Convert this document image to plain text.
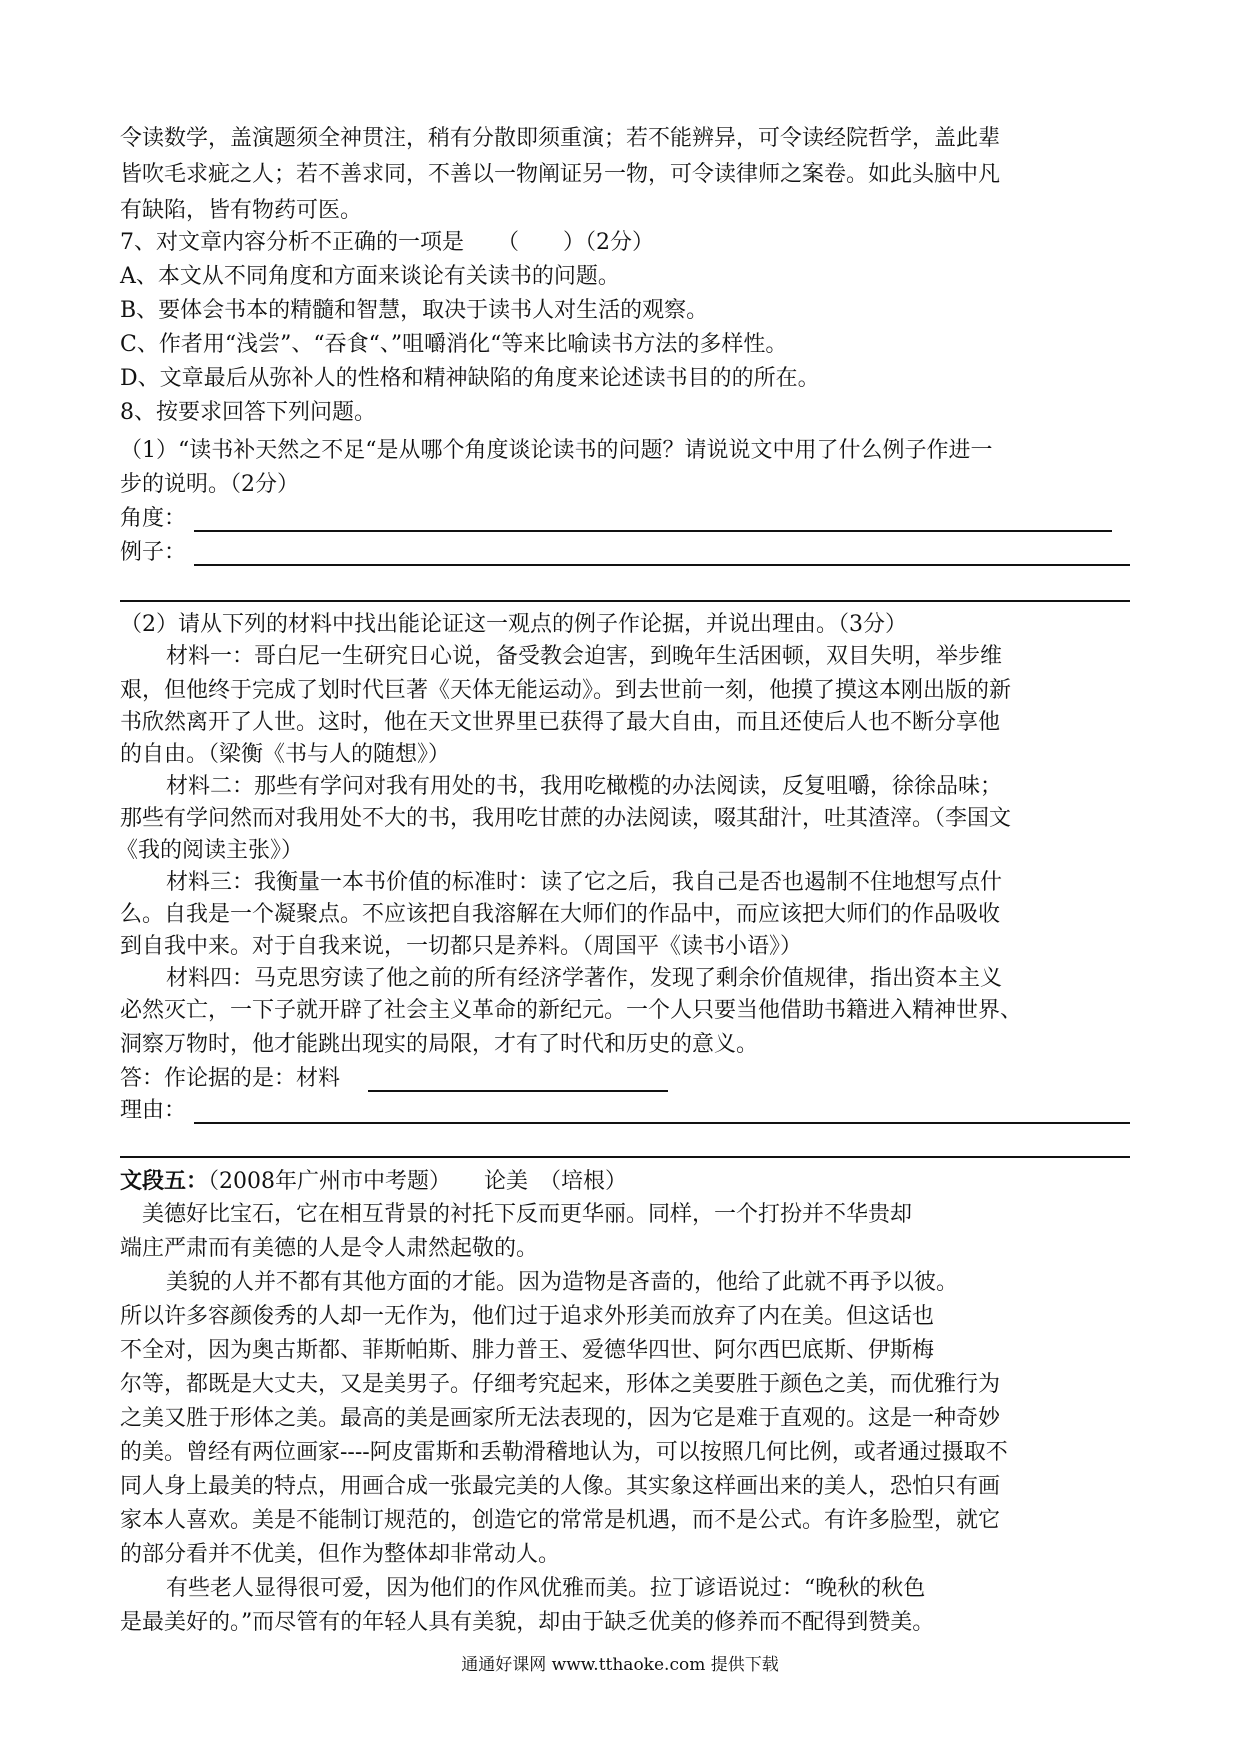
令读数学，盖演题须全神贯注，稍有分散即须重演；若不能辨异，可令读经院哲学，盖此辈
皆吹毛求疵之人；若不善求同，不善以一物阐证另一物，可令读律师之案卷。如此头脑中凡
有缺陷，皆有物药可医。
7、对文章内容分析不正确的一项是　　（　　）（2分）
A、本文从不同角度和方面来谈论有关读书的问题。
B、要体会书本的精髓和智慧，取决于读书人对生活的观察。
C、作者用“浅尝”、“吞食“、”咀嚼消化“等来比喻读书方法的多样性。
D、文章最后从弥补人的性格和精神缺陷的角度来论述读书目的的所在。
8、按要求回答下列问题。
（1）“读书补天然之不足“是从哪个角度谈论读书的问题？请说说文中用了什么例子作进一
步的说明。（2分）
角度：
例子：
（2）请从下列的材料中找出能论证这一观点的例子作论据，并说出理由。（3分）
材料一：哥白尼一生研究日心说，备受教会迫害，到晚年生活困顿，双目失明，举步维
艰，但他终于完成了划时代巨著《天体无能运动》。到去世前一刻，他摸了摸这本刚出版的新
书欣然离开了人世。这时，他在天文世界里已获得了最大自由，而且还使后人也不断分享他
的自由。（梁衡《书与人的随想》）
材料二：那些有学问对我有用处的书，我用吃橄榄的办法阅读，反复咀嚼，徐徐品味；
那些有学问然而对我用处不大的书，我用吃甘蔗的办法阅读，啜其甜汁，吐其渣滓。（李国文
《我的阅读主张》）
材料三：我衡量一本书价值的标准时：读了它之后，我自己是否也遏制不住地想写点什
么。自我是一个凝聚点。不应该把自我溶解在大师们的作品中，而应该把大师们的作品吸收
到自我中来。对于自我来说，一切都只是养料。（周国平《读书小语》）
材料四：马克思穷读了他之前的所有经济学著作，发现了剩余价值规律，指出资本主义
必然灭亡，一下子就开辟了社会主义革命的新纪元。一个人只要当他借助书籍进入精神世界、
洞察万物时，他才能跳出现实的局限，才有了时代和历史的意义。
答：作论据的是：材料
理由：
文段五：（2008年广州市中考题）　　论美　（培根）
美德好比宝石，它在相互背景的衬托下反而更华丽。同样，一个打扮并不华贵却
端庄严肃而有美德的人是令人肃然起敬的。
美貌的人并不都有其他方面的才能。因为造物是吝啬的，他给了此就不再予以彼。
所以许多容颜俊秀的人却一无作为，他们过于追求外形美而放弃了内在美。但这话也
不全对，因为奥古斯都、菲斯帕斯、腓力普王、爱德华四世、阿尔西巴底斯、伊斯梅
尔等，都既是大丈夫，又是美男子。仔细考究起来，形体之美要胜于颜色之美，而优雅行为
之美又胜于形体之美。最高的美是画家所无法表现的，因为它是难于直观的。这是一种奇妙
的美。曾经有两位画家----阿皮雷斯和丢勒滑稽地认为，可以按照几何比例，或者通过摄取不
同人身上最美的特点，用画合成一张最完美的人像。其实象这样画出来的美人，恐怕只有画
家本人喜欢。美是不能制订规范的，创造它的常常是机遇，而不是公式。有许多脸型，就它
的部分看并不优美，但作为整体却非常动人。
有些老人显得很可爱，因为他们的作风优雅而美。拉丁谚语说过：“晚秋的秋色
是最美好的。”而尽管有的年轻人具有美貌，却由于缺乏优美的修养而不配得到赞美。
通通好课网 www.tthaoke.com 提供下载
